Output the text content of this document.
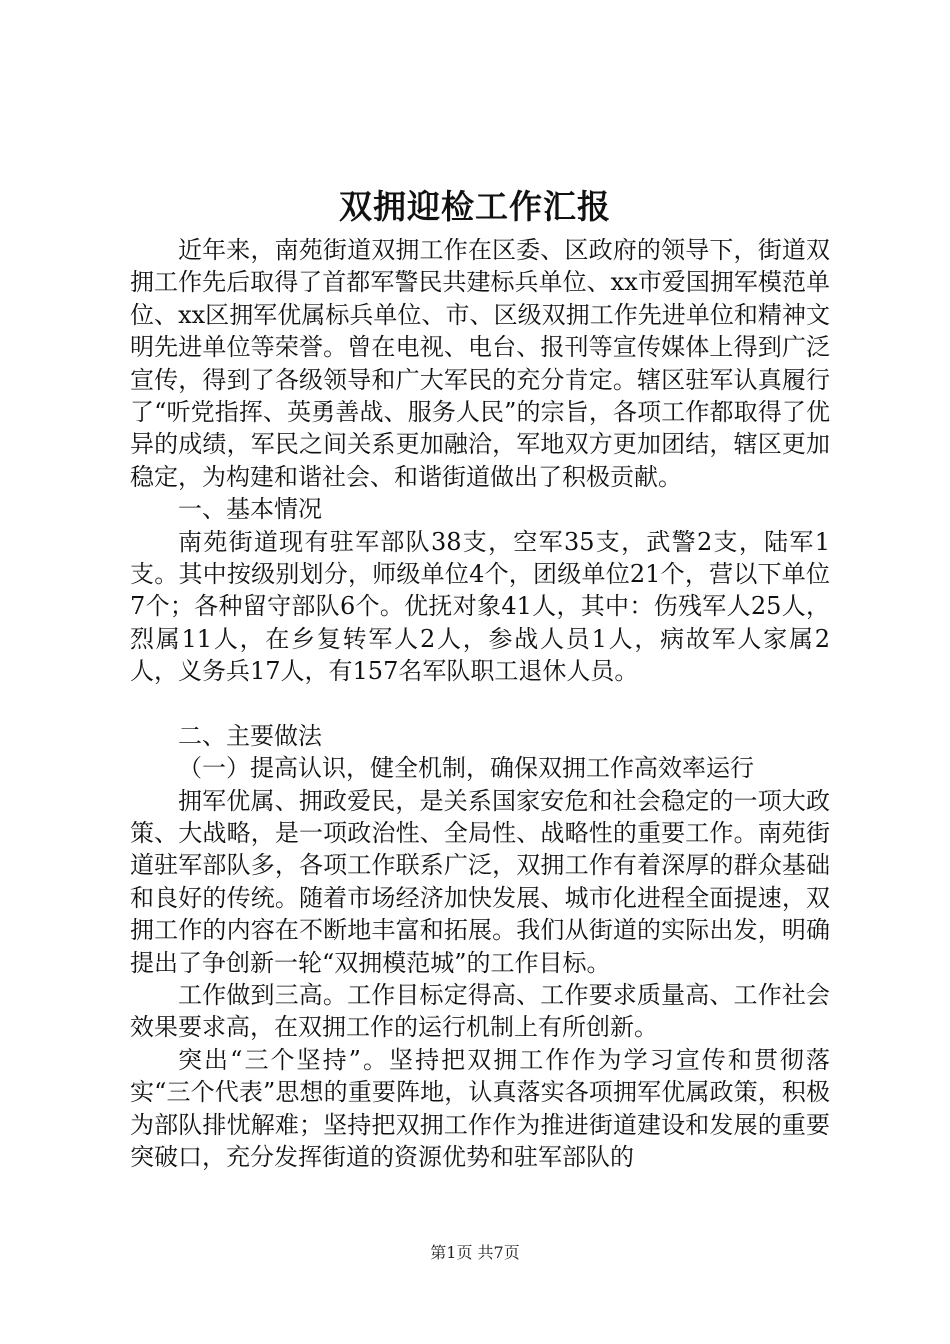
双拥迎检工作汇报

近年来，南苑街道双拥工作在区委、区政府的领导下，街道双拥工作先后取得了首都军警民共建标兵单位、xx市爱国拥军模范单位、xx区拥军优属标兵单位、市、区级双拥工作先进单位和精神文明先进单位等荣誉。曾在电视、电台、报刊等宣传媒体上得到广泛宣传，得到了各级领导和广大军民的充分肯定。辖区驻军认真履行了“听党指挥、英勇善战、服务人民”的宗旨，各项工作都取得了优异的成绩，军民之间关系更加融洽，军地双方更加团结，辖区更加稳定，为构建和谐社会、和谐街道做出了积极贡献。

一、基本情况

南苑街道现有驻军部队38支，空军35支，武警2支，陆军1支。其中按级别划分，师级单位4个，团级单位21个，营以下单位7个；各种留守部队6个。优抚对象41人，其中：伤残军人25人，烈属11人，在乡复转军人2人，参战人员1人，病故军人家属2人，义务兵17人，有157名军队职工退休人员。

二、主要做法

（一）提高认识，健全机制，确保双拥工作高效率运行

拥军优属、拥政爱民，是关系国家安危和社会稳定的一项大政策、大战略，是一项政治性、全局性、战略性的重要工作。南苑街道驻军部队多，各项工作联系广泛，双拥工作有着深厚的群众基础和良好的传统。随着市场经济加快发展、城市化进程全面提速，双拥工作的内容在不断地丰富和拓展。我们从街道的实际出发，明确提出了争创新一轮“双拥模范城”的工作目标。

工作做到三高。工作目标定得高、工作要求质量高、工作社会效果要求高，在双拥工作的运行机制上有所创新。

突出“三个坚持”。坚持把双拥工作作为学习宣传和贯彻落实“三个代表”思想的重要阵地，认真落实各项拥军优属政策，积极为部队排忧解难；坚持把双拥工作作为推进街道建设和发展的重要突破口，充分发挥街道的资源优势和驻军部队的

第1页 共7页
